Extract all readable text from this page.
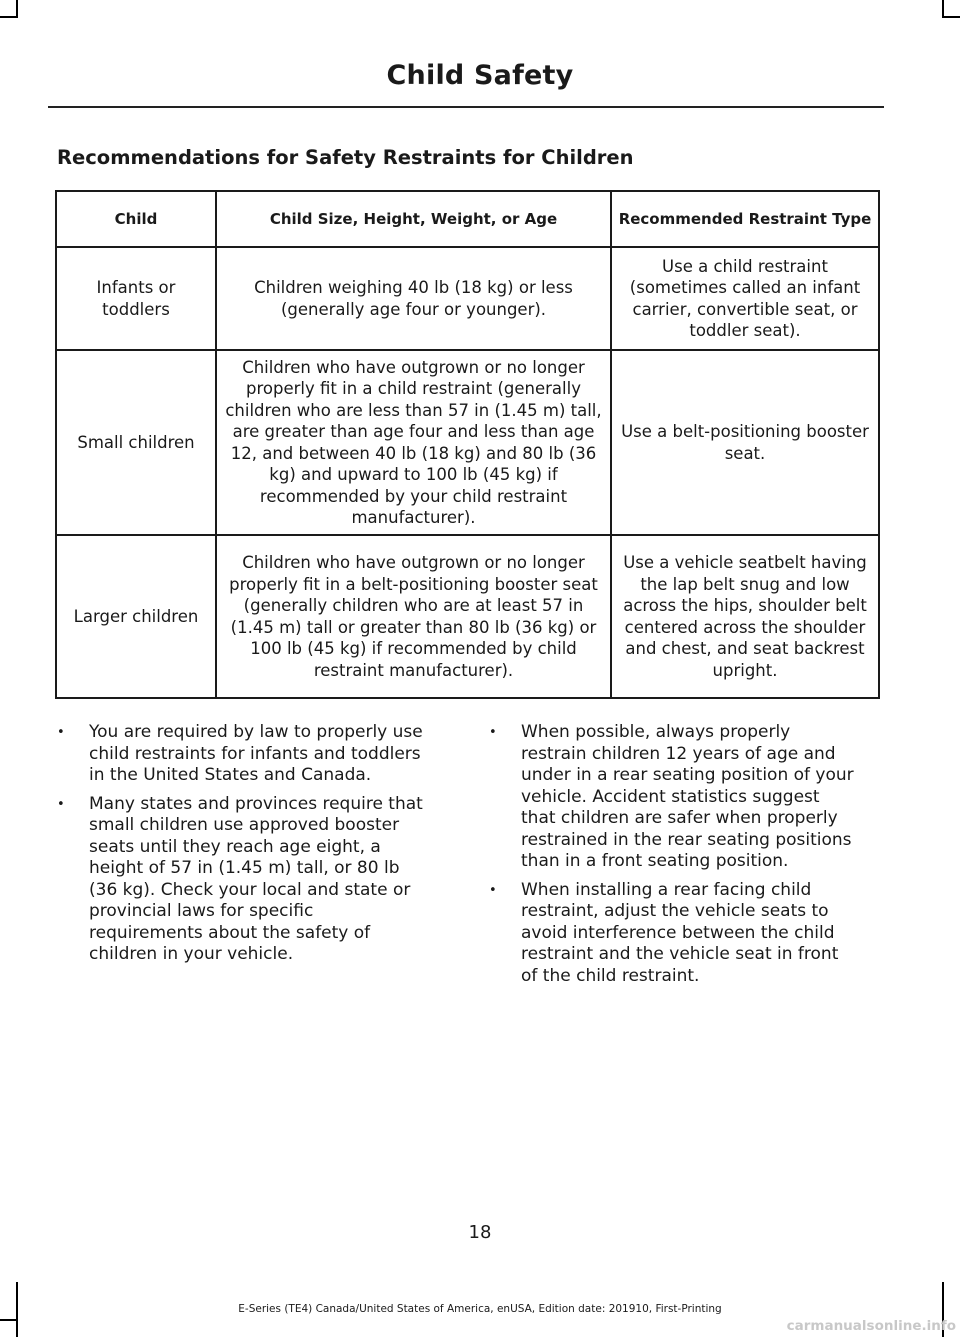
Child Safety
Recommendations for Safety Restraints for Children
Child	Child Size, Height, Weight, or Age	Recommended Restraint Type
Infants or toddlers	Children weighing 40 lb (18 kg) or less (generally age four or younger).	Use a child restraint (sometimes called an infant carrier, convertible seat, or toddler seat).
Small children	Children who have outgrown or no longer properly fit in a child restraint (generally children who are less than 57 in (1.45 m) tall, are greater than age four and less than age 12, and between 40 lb (18 kg) and 80 lb (36 kg) and upward to 100 lb (45 kg) if recommended by your child restraint manufacturer).	Use a belt-positioning booster seat.
Larger children	Children who have outgrown or no longer properly fit in a belt-positioning booster seat (generally children who are at least 57 in (1.45 m) tall or greater than 80 lb (36 kg) or 100 lb (45 kg) if recommended by child restraint manufacturer).	Use a vehicle seatbelt having the lap belt snug and low across the hips, shoulder belt centered across the shoulder and chest, and seat backrest upright.
• You are required by law to properly use child restraints for infants and toddlers in the United States and Canada.
• Many states and provinces require that small children use approved booster seats until they reach age eight, a height of 57 in (1.45 m) tall, or 80 lb (36 kg). Check your local and state or provincial laws for specific requirements about the safety of children in your vehicle.
• When possible, always properly restrain children 12 years of age and under in a rear seating position of your vehicle. Accident statistics suggest that children are safer when properly restrained in the rear seating positions than in a front seating position.
• When installing a rear facing child restraint, adjust the vehicle seats to avoid interference between the child restraint and the vehicle seat in front of the child restraint.
18
E-Series (TE4) Canada/United States of America, enUSA, Edition date: 201910, First-Printing
carmanualsonline.info
